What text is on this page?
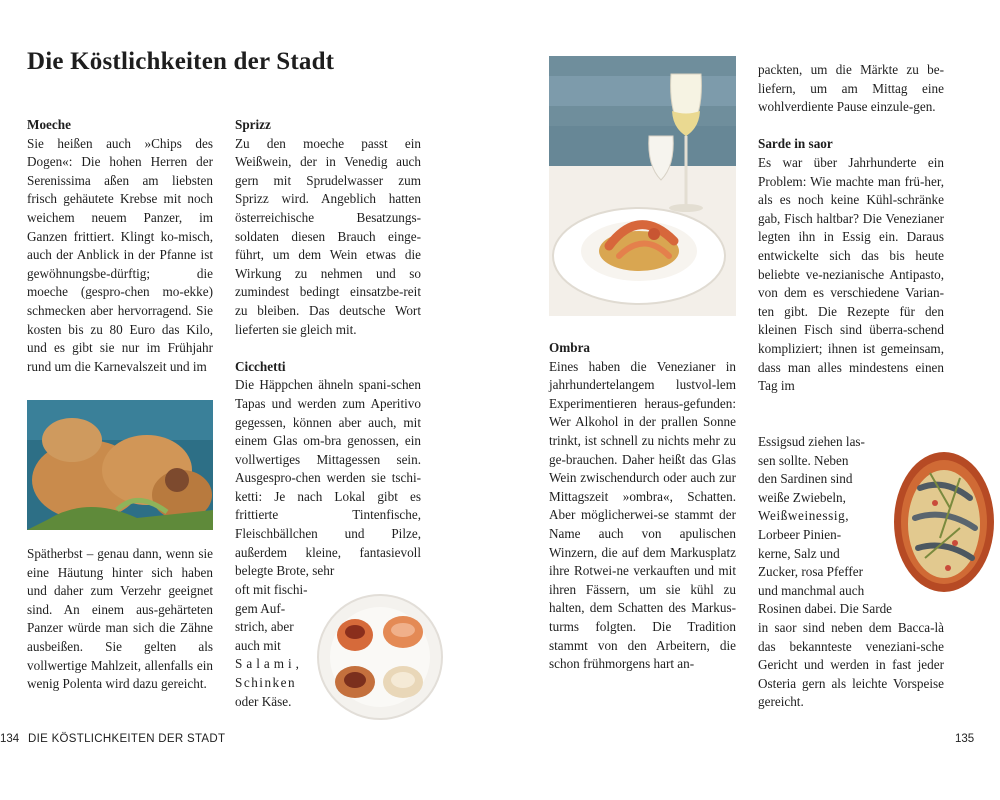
Die Köstlichkeiten der Stadt

Moeche

Sie heißen auch »Chips des Dogen«: Die hohen Herren der Serenissima aßen am liebsten frisch gehäutete Krebse mit noch weichem neuem Panzer, im Ganzen frittiert. Klingt ko-misch, auch der Anblick in der Pfanne ist gewöhnungsbe-dürftig; die moeche (gespro-chen mo-ekke) schmecken aber hervorragend. Sie kosten bis zu 80 Euro das Kilo, und es gibt sie nur im Frühjahr rund um die Karnevalszeit und im

Spätherbst – genau dann, wenn sie eine Häutung hinter sich haben und daher zum Verzehr geeignet sind. An einem aus-gehärteten Panzer würde man sich die Zähne ausbeißen. Sie gelten als vollwertige Mahlzeit, allenfalls ein wenig Polenta wird dazu gereicht.

Sprizz

Zu den moeche passt ein Weißwein, der in Venedig auch gern mit Sprudelwasser zum Sprizz wird. Angeblich hatten österreichische Besatzungs-soldaten diesen Brauch einge-führt, um dem Wein etwas die Wirkung zu nehmen und so zumindest bedingt einsatzbe-reit zu bleiben. Das deutsche Wort lieferten sie gleich mit.

Cicchetti

Die Häppchen ähneln spani-schen Tapas und werden zum Aperitivo gegessen, können aber auch, mit einem Glas om-bra genossen, ein vollwertiges Mittagessen sein. Ausgespro-chen werden sie tschi-ketti: Je nach Lokal gibt es frittierte Tintenfische, Fleischbällchen und Pilze, außerdem kleine, fantasievoll belegte Brote, sehr

oft mit fischi-
gem Auf-
strich, aber
auch mit
Salami,
Schinken
oder Käse.

Ombra

Eines haben die Venezianer in jahrhundertelangem lustvol-lem Experimentieren heraus-gefunden: Wer Alkohol in der prallen Sonne trinkt, ist schnell zu nichts mehr zu ge-brauchen. Daher heißt das Glas Wein zwischendurch oder auch zur Mittagszeit »ombra«, Schatten. Aber möglicherwei-se stammt der Name auch von apulischen Winzern, die auf dem Markusplatz ihre Rotwei-ne verkauften und mit ihren Fässern, um sie kühl zu halten, dem Schatten des Markus-turms folgten. Die Tradition stammt von den Arbeitern, die schon frühmorgens hart an-

packten, um die Märkte zu be-liefern, um am Mittag eine wohlverdiente Pause einzule-gen.

Sarde in saor

Es war über Jahrhunderte ein Problem: Wie machte man frü-her, als es noch keine Kühl-schränke gab, Fisch haltbar? Die Venezianer legten ihn in Essig ein. Daraus entwickelte sich das bis heute beliebte ve-nezianische Antipasto, von dem es verschiedene Varian-ten gibt. Die Rezepte für den kleinen Fisch sind überra-schend kompliziert; ihnen ist gemeinsam, dass man alles mindestens einen Tag im

Essigsud ziehen las-
sen sollte. Neben
den Sardinen sind
weiße Zwiebeln,
Weißweinessig,
Lorbeer Pinien-
kerne, Salz und
Zucker, rosa Pfeffer
und manchmal auch
Rosinen dabei. Die Sarde

in saor sind neben dem Bacca-là das bekannteste veneziani-sche Gericht und werden in fast jeder Osteria gern als leichte Vorspeise gereicht.

134 DIE KÖSTLICHKEITEN DER STADT	135
